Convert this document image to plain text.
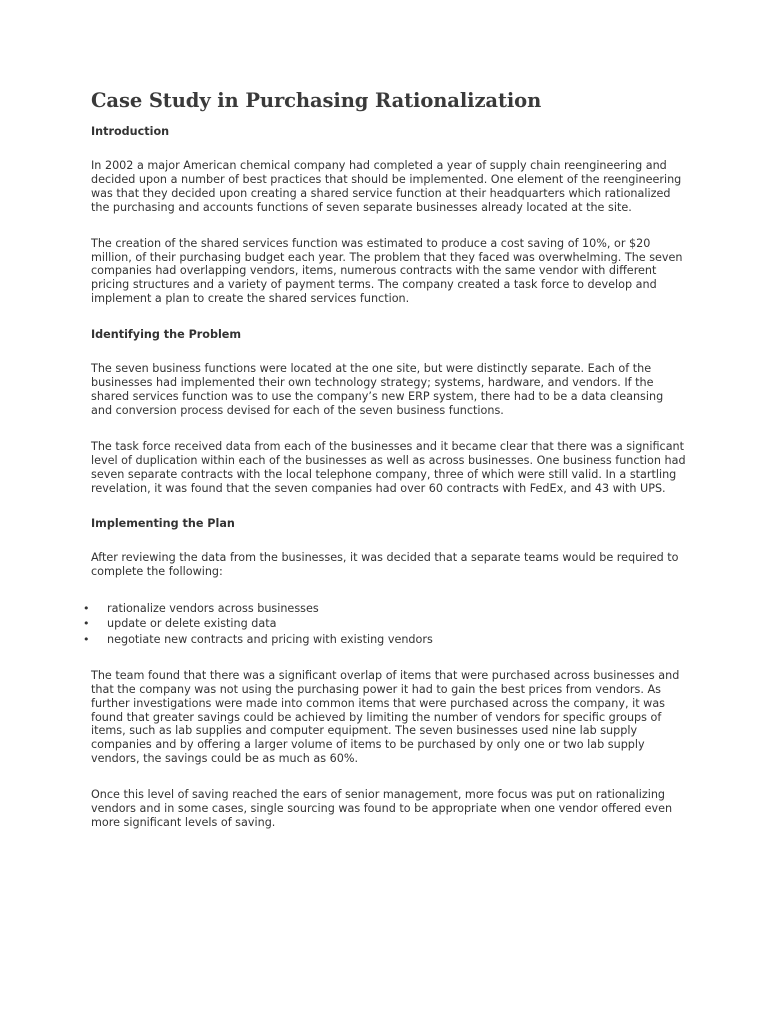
Case Study in Purchasing Rationalization
Introduction

In 2002 a major American chemical company had completed a year of supply chain reengineering and decided upon a number of best practices that should be implemented. One element of the reengineering was that they decided upon creating a shared service function at their headquarters which rationalized the purchasing and accounts functions of seven separate businesses already located at the site.

The creation of the shared services function was estimated to produce a cost saving of 10%, or $20 million, of their purchasing budget each year. The problem that they faced was overwhelming. The seven companies had overlapping vendors, items, numerous contracts with the same vendor with different pricing structures and a variety of payment terms. The company created a task force to develop and implement a plan to create the shared services function.

Identifying the Problem

The seven business functions were located at the one site, but were distinctly separate. Each of the businesses had implemented their own technology strategy; systems, hardware, and vendors. If the shared services function was to use the company’s new ERP system, there had to be a data cleansing and conversion process devised for each of the seven business functions.

The task force received data from each of the businesses and it became clear that there was a significant level of duplication within each of the businesses as well as across businesses. One business function had seven separate contracts with the local telephone company, three of which were still valid. In a startling revelation, it was found that the seven companies had over 60 contracts with FedEx, and 43 with UPS.

Implementing the Plan

After reviewing the data from the businesses, it was decided that a separate teams would be required to complete the following:

• rationalize vendors across businesses
• update or delete existing data
• negotiate new contracts and pricing with existing vendors

The team found that there was a significant overlap of items that were purchased across businesses and that the company was not using the purchasing power it had to gain the best prices from vendors. As further investigations were made into common items that were purchased across the company, it was found that greater savings could be achieved by limiting the number of vendors for specific groups of items, such as lab supplies and computer equipment. The seven businesses used nine lab supply companies and by offering a larger volume of items to be purchased by only one or two lab supply vendors, the savings could be as much as 60%.

Once this level of saving reached the ears of senior management, more focus was put on rationalizing vendors and in some cases, single sourcing was found to be appropriate when one vendor offered even more significant levels of saving.
